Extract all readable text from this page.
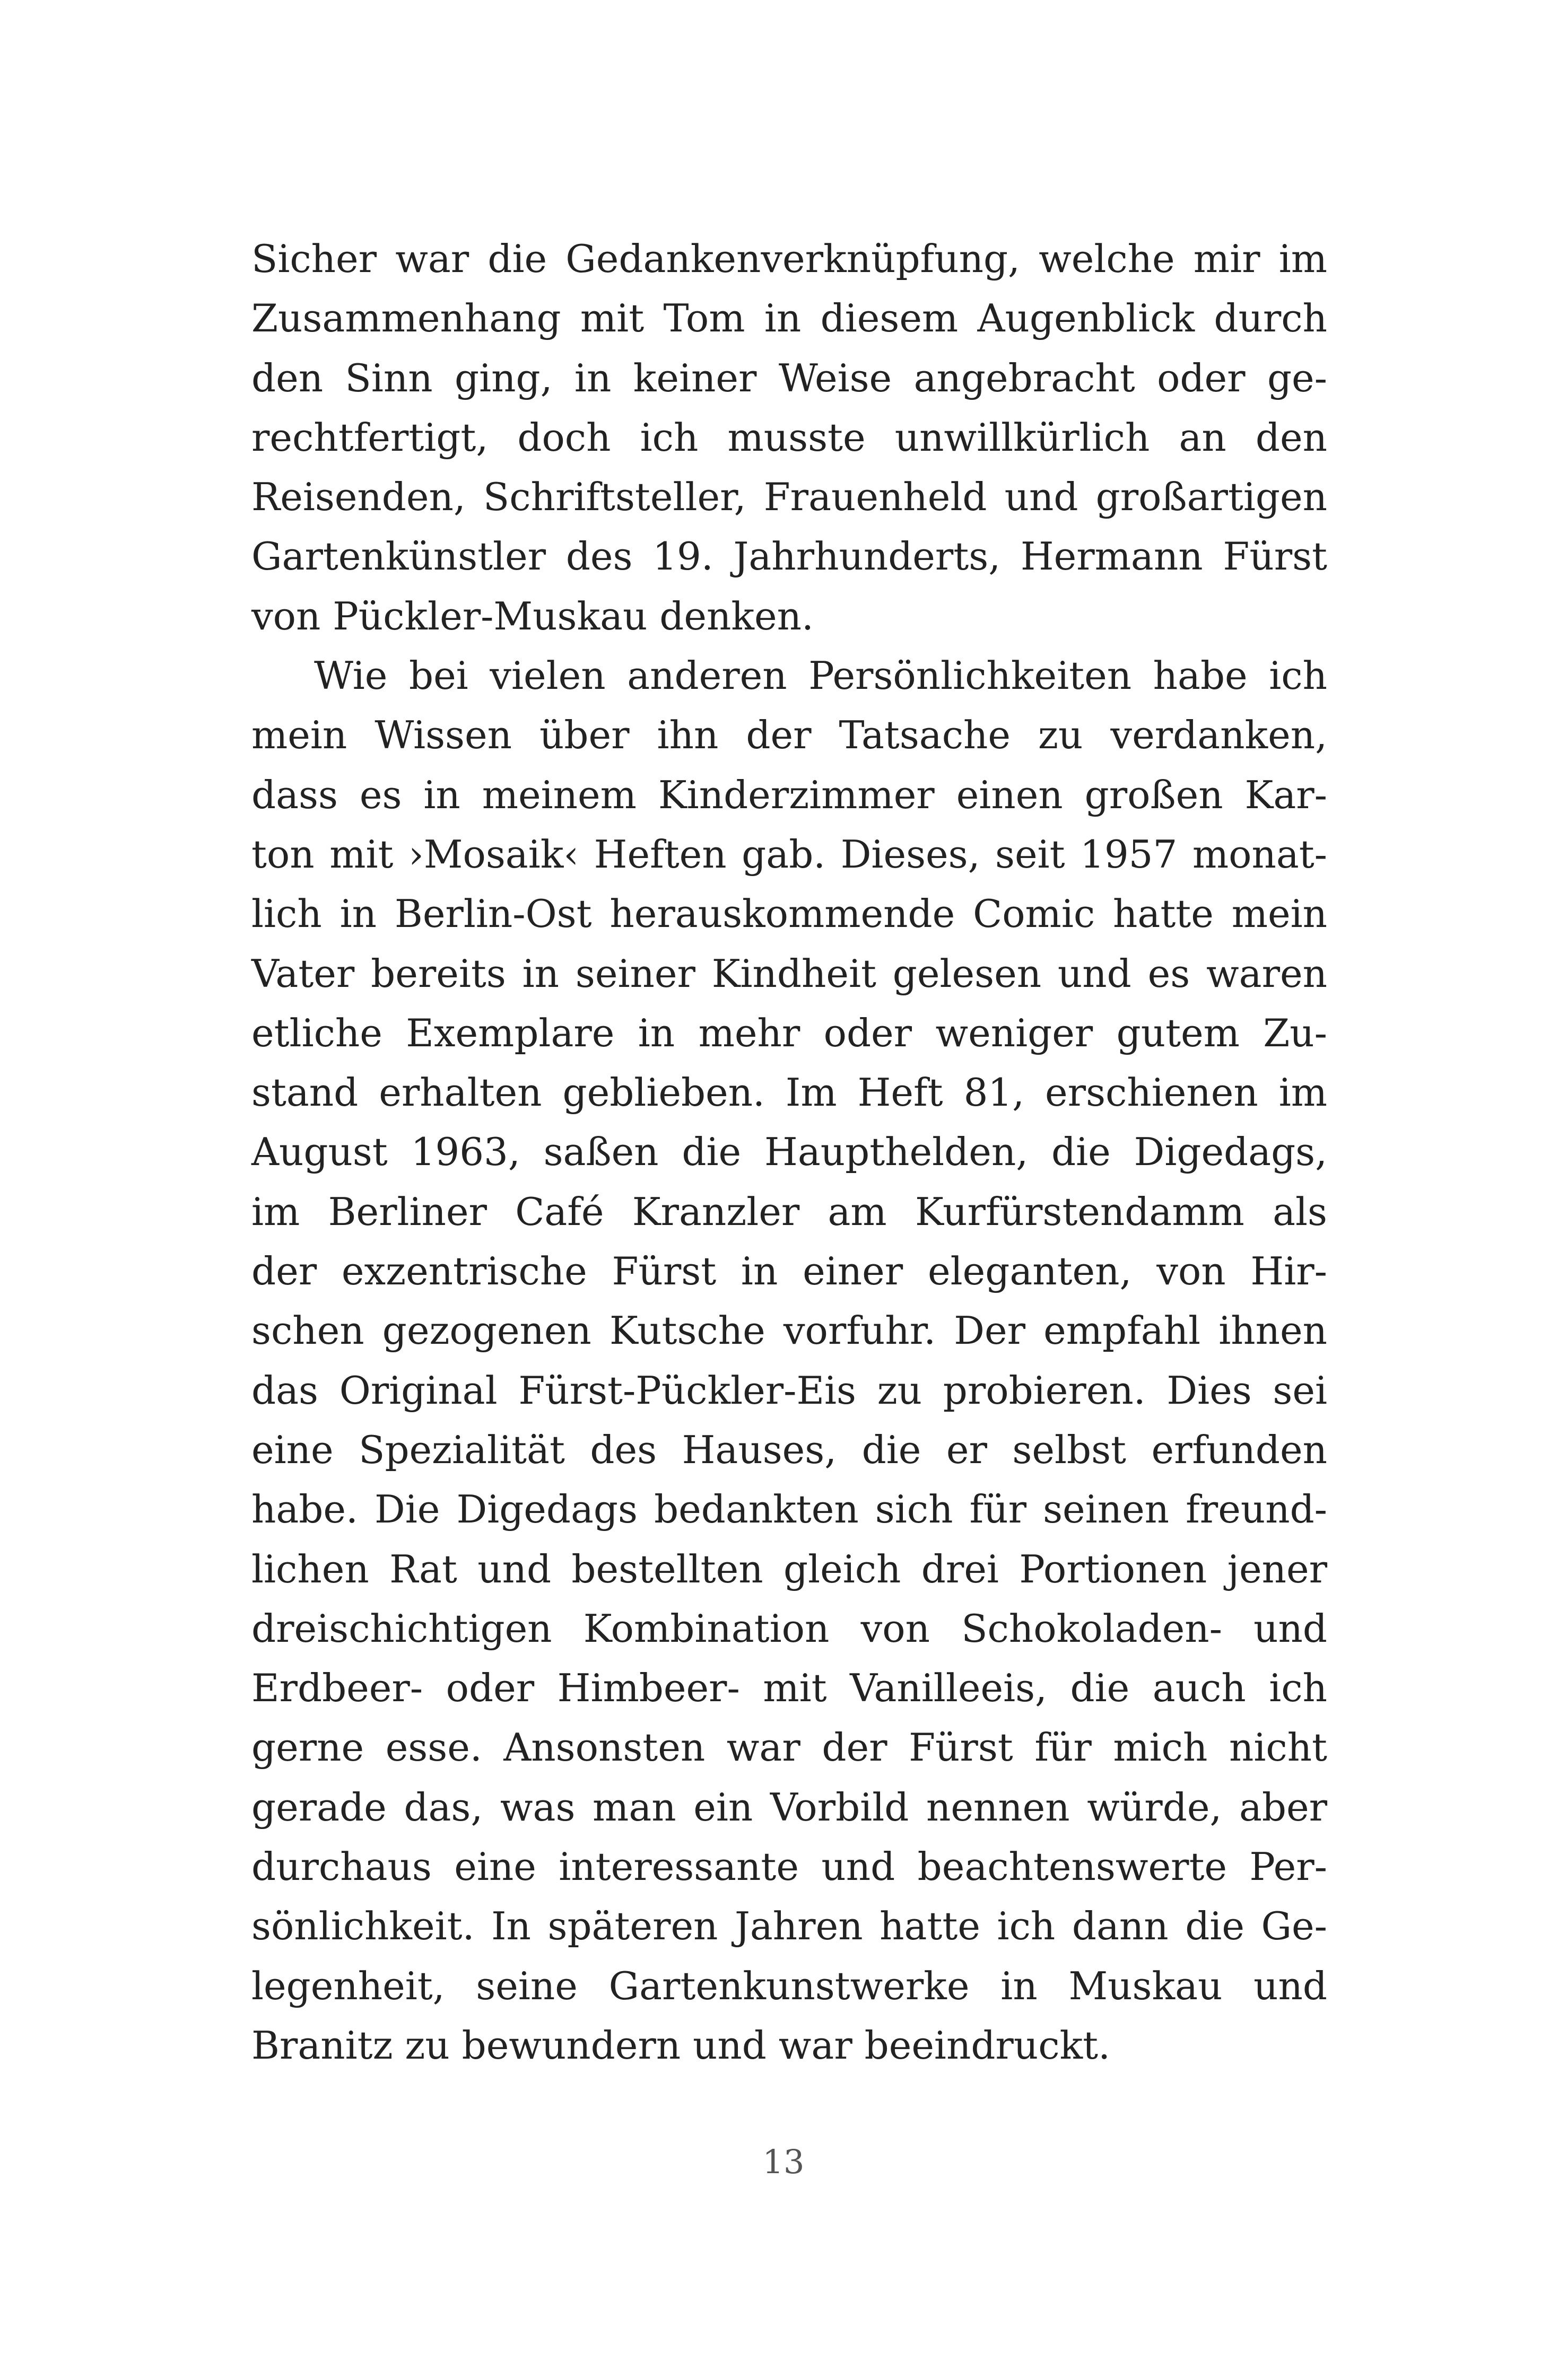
Sicher war die Gedankenverknüpfung, welche mir im
Zusammenhang mit Tom in diesem Augenblick durch
den Sinn ging, in keiner Weise angebracht oder ge-
rechtfertigt, doch ich musste unwillkürlich an den
Reisenden, Schriftsteller, Frauenheld und großartigen
Gartenkünstler des 19. Jahrhunderts, Hermann Fürst
von Pückler-Muskau denken.
Wie bei vielen anderen Persönlichkeiten habe ich
mein Wissen über ihn der Tatsache zu verdanken,
dass es in meinem Kinderzimmer einen großen Kar-
ton mit ›Mosaik‹ Heften gab. Dieses, seit 1957 monat-
lich in Berlin-Ost herauskommende Comic hatte mein
Vater bereits in seiner Kindheit gelesen und es waren
etliche Exemplare in mehr oder weniger gutem Zu-
stand erhalten geblieben. Im Heft 81, erschienen im
August 1963, saßen die Haupthelden, die Digedags,
im Berliner Café Kranzler am Kurfürstendamm als
der exzentrische Fürst in einer eleganten, von Hir-
schen gezogenen Kutsche vorfuhr. Der empfahl ihnen
das Original Fürst-Pückler-Eis zu probieren. Dies sei
eine Spezialität des Hauses, die er selbst erfunden
habe. Die Digedags bedankten sich für seinen freund-
lichen Rat und bestellten gleich drei Portionen jener
dreischichtigen Kombination von Schokoladen- und
Erdbeer- oder Himbeer- mit Vanilleeis, die auch ich
gerne esse. Ansonsten war der Fürst für mich nicht
gerade das, was man ein Vorbild nennen würde, aber
durchaus eine interessante und beachtenswerte Per-
sönlichkeit. In späteren Jahren hatte ich dann die Ge-
legenheit, seine Gartenkunstwerke in Muskau und
Branitz zu bewundern und war beeindruckt.
13
